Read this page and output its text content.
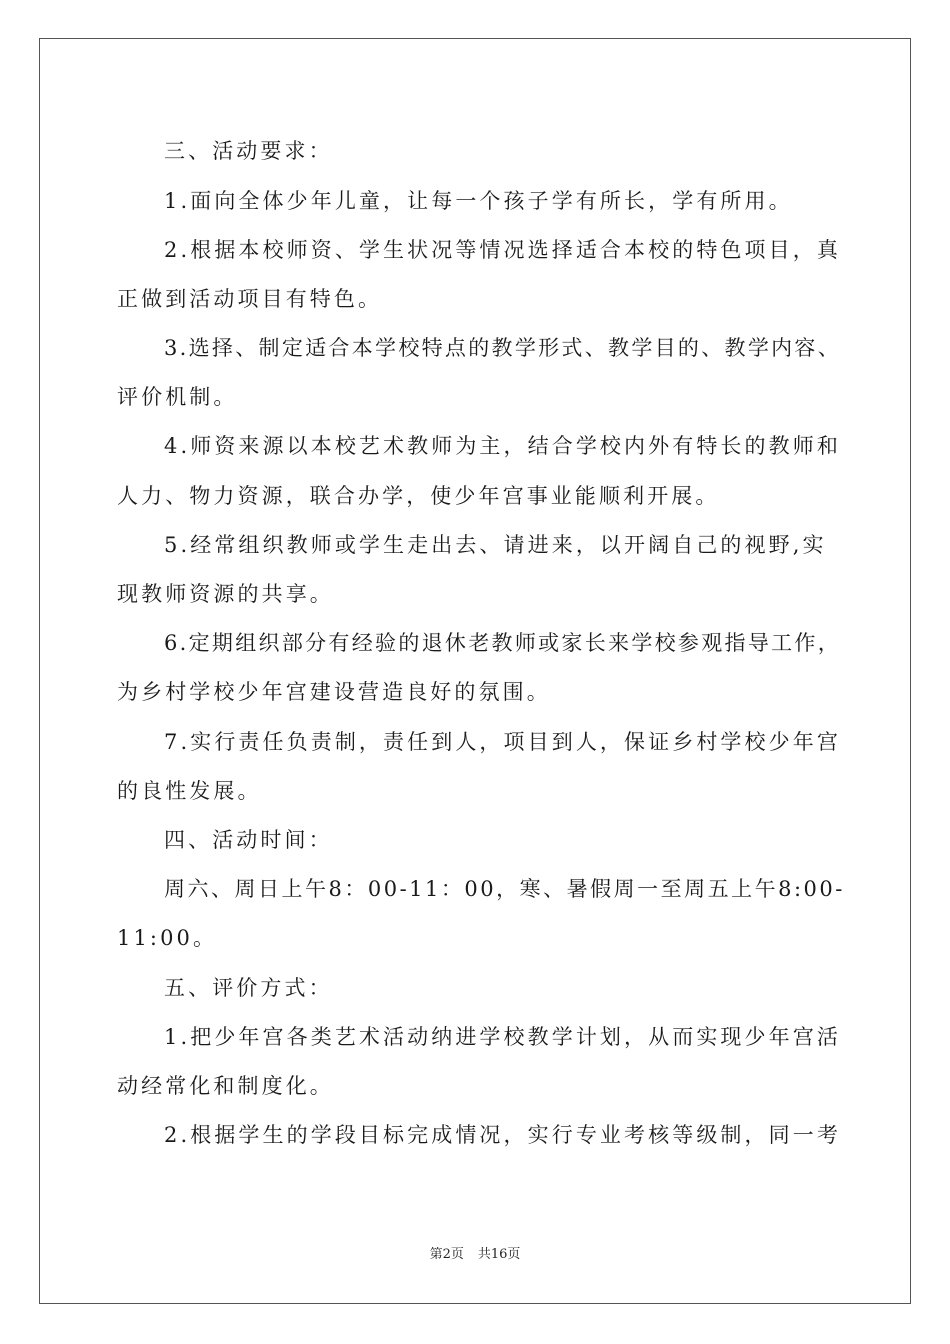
三、活动要求：
1.面向全体少年儿童，让每一个孩子学有所长，学有所用。
2.根据本校师资、学生状况等情况选择适合本校的特色项目，真
正做到活动项目有特色。
3.选择、制定适合本学校特点的教学形式、教学目的、教学内容、
评价机制。
4.师资来源以本校艺术教师为主，结合学校内外有特长的教师和
人力、物力资源，联合办学，使少年宫事业能顺利开展。
5.经常组织教师或学生走出去、请进来，以开阔自己的视野,实
现教师资源的共享。
6.定期组织部分有经验的退休老教师或家长来学校参观指导工作，
为乡村学校少年宫建设营造良好的氛围。
7.实行责任负责制，责任到人，项目到人，保证乡村学校少年宫
的良性发展。
四、活动时间：
周六、周日上午8：00-11：00，寒、暑假周一至周五上午8:00-
11:00。
五、评价方式：
1.把少年宫各类艺术活动纳进学校教学计划，从而实现少年宫活
动经常化和制度化。
2.根据学生的学段目标完成情况，实行专业考核等级制，同一考
第2页 共16页
